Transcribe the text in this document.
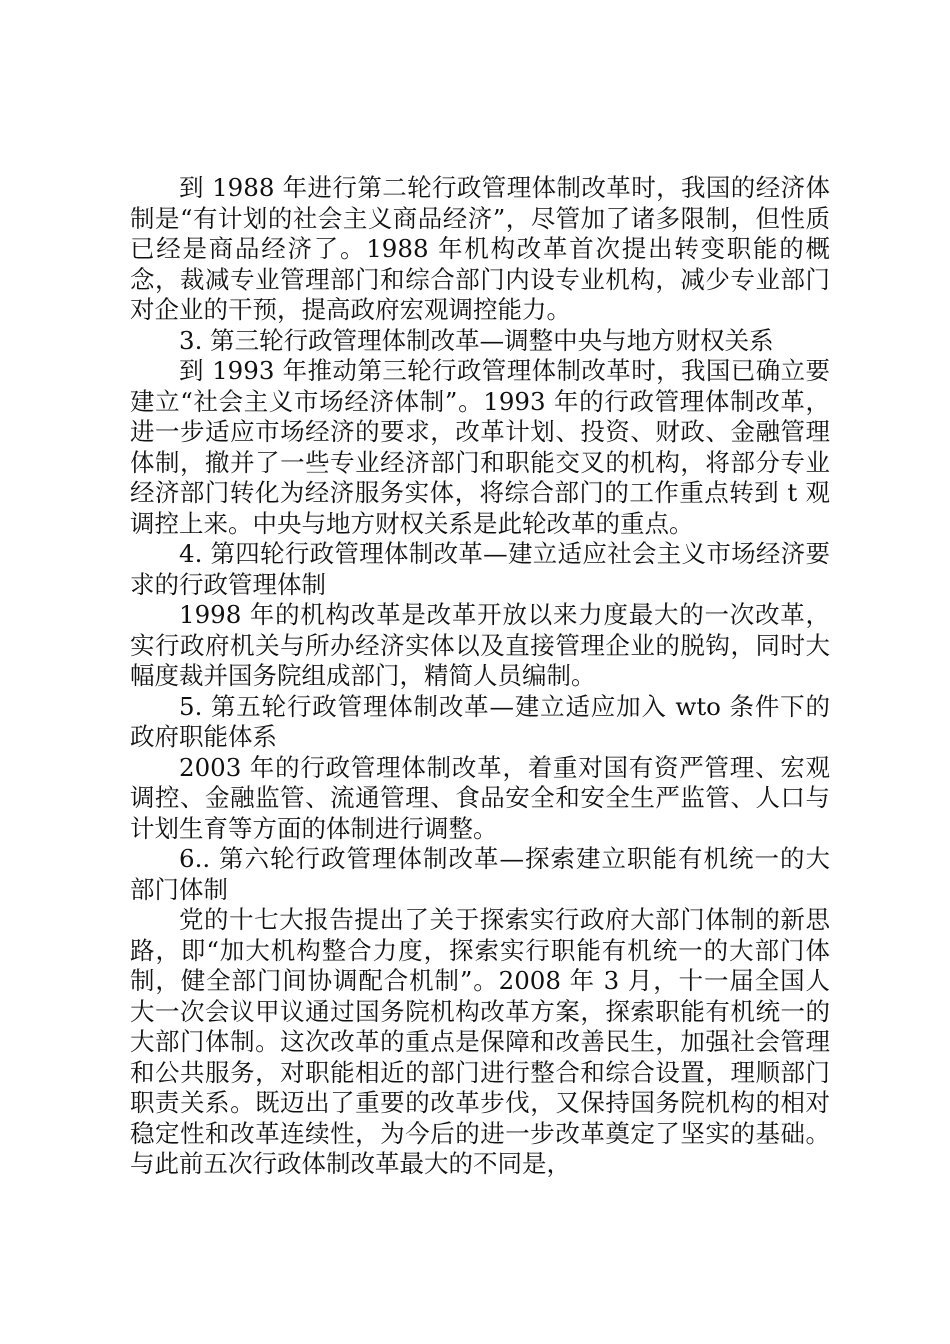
到 1988 年进行第二轮行政管理体制改革时，我国的经济体制是“有计划的社会主义商品经济”，尽管加了诸多限制，但性质已经是商品经济了。1988 年机构改革首次提出转变职能的概念，裁减专业管理部门和综合部门内设专业机构，减少专业部门对企业的干预，提高政府宏观调控能力。

3. 第三轮行政管理体制改革—调整中央与地方财权关系

到 1993 年推动第三轮行政管理体制改革时，我国已确立要建立“社会主义市场经济体制”。1993 年的行政管理体制改革，进一步适应市场经济的要求，改革计划、投资、财政、金融管理体制，撤并了一些专业经济部门和职能交叉的机构，将部分专业经济部门转化为经济服务实体，将综合部门的工作重点转到 t 观调控上来。中央与地方财权关系是此轮改革的重点。

4. 第四轮行政管理体制改革—建立适应社会主义市场经济要求的行政管理体制

1998 年的机构改革是改革开放以来力度最大的一次改革，实行政府机关与所办经济实体以及直接管理企业的脱钩，同时大幅度裁并国务院组成部门，精简人员编制。

5. 第五轮行政管理体制改革—建立适应加入 wto 条件下的政府职能体系

2003 年的行政管理体制改革，着重对国有资严管理、宏观调控、金融监管、流通管理、食品安全和安全生严监管、人口与计划生育等方面的体制进行调整。

6.. 第六轮行政管理体制改革—探索建立职能有机统一的大部门体制

党的十七大报告提出了关于探索实行政府大部门体制的新思路，即“加大机构整合力度，探索实行职能有机统一的大部门体制，健全部门间协调配合机制”。2008 年 3 月，十一届全国人大一次会议甲议通过国务院机构改革方案，探索职能有机统一的大部门体制。这次改革的重点是保障和改善民生，加强社会管理和公共服务，对职能相近的部门进行整合和综合设置，理顺部门职责关系。既迈出了重要的改革步伐，又保持国务院机构的相对稳定性和改革连续性，为今后的进一步改革奠定了坚实的基础。与此前五次行政体制改革最大的不同是，
